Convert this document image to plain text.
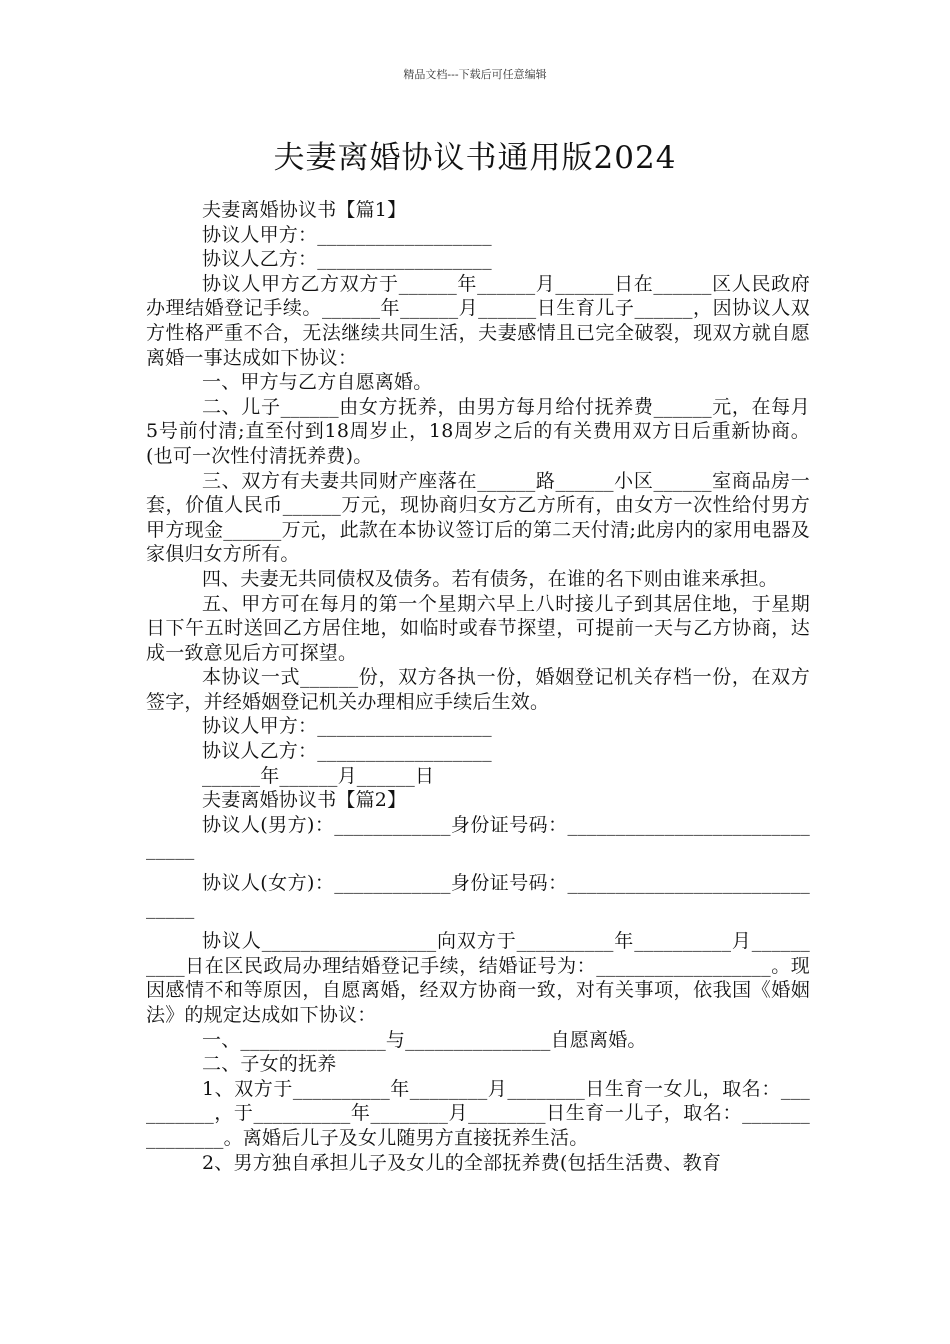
精品文档---下载后可任意编辑
夫妻离婚协议书通用版2024

夫妻离婚协议书【篇1】

协议人甲方：__________________

协议人乙方：__________________

协议人甲方乙方双方于______年______月______日在______区人民政府办理结婚登记手续。______年______月______日生育儿子______，因协议人双方性格严重不合，无法继续共同生活，夫妻感情且已完全破裂，现双方就自愿离婚一事达成如下协议：

一、甲方与乙方自愿离婚。

二、儿子______由女方抚养，由男方每月给付抚养费______元，在每月5号前付清;直至付到18周岁止，18周岁之后的有关费用双方日后重新协商。(也可一次性付清抚养费)。

三、双方有夫妻共同财产座落在______路______小区______室商品房一套，价值人民币______万元，现协商归女方乙方所有，由女方一次性给付男方甲方现金______万元，此款在本协议签订后的第二天付清;此房内的家用电器及家俱归女方所有。

四、夫妻无共同债权及债务。若有债务，在谁的名下则由谁来承担。

五、甲方可在每月的第一个星期六早上八时接儿子到其居住地，于星期日下午五时送回乙方居住地，如临时或春节探望，可提前一天与乙方协商，达成一致意见后方可探望。

本协议一式______份，双方各执一份，婚姻登记机关存档一份，在双方签字，并经婚姻登记机关办理相应手续后生效。

协议人甲方：__________________

协议人乙方：__________________

______年______月______日

夫妻离婚协议书【篇2】

协议人(男方)：____________身份证号码：______________________________

协议人(女方)：____________身份证号码：______________________________

协议人__________________向双方于__________年__________月__________日在区民政局办理结婚登记手续，结婚证号为：__________________。现因感情不和等原因，自愿离婚，经双方协商一致，对有关事项，依我国《婚姻法》的规定达成如下协议：

一、_______________与_______________自愿离婚。

二、子女的抚养

1、双方于__________年________月________日生育一女儿，取名：__________，于__________年________月________日生育一儿子，取名：_______________。离婚后儿子及女儿随男方直接抚养生活。

2、男方独自承担儿子及女儿的全部抚养费(包括生活费、教育
